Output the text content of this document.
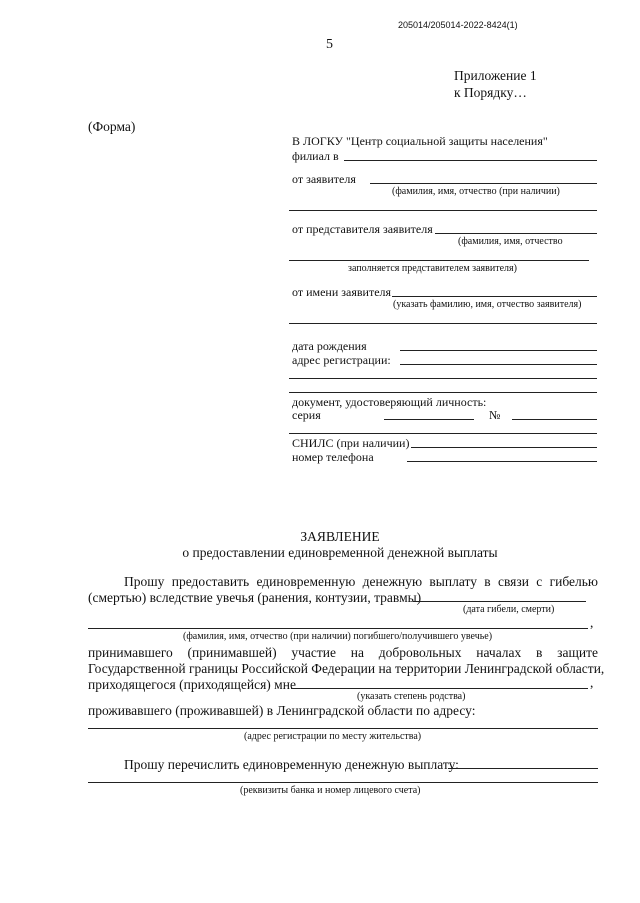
205014/205014-2022-8424(1)
5
Приложение 1
к Порядку…
(Форма)
В ЛОГКУ "Центр социальной защиты населения"
филиал в
от заявителя
(фамилия, имя, отчество (при наличии)
от представителя заявителя
(фамилия, имя, отчество
заполняется представителем заявителя)
от имени заявителя
(указать фамилию, имя, отчество заявителя)
дата рождения
адрес регистрации:
документ, удостоверяющий личность:
серия	№
СНИЛС (при наличии)
номер телефона
ЗАЯВЛЕНИЕ
о предоставлении единовременной денежной выплаты
Прошу предоставить единовременную денежную выплату в связи с гибелью
(смертью) вследствие увечья (ранения, контузии, травмы)
(дата гибели, смерти)
,
(фамилия, имя, отчество (при наличии) погибшего/получившего увечье)
принимавшего (принимавшей) участие на добровольных началах в защите
Государственной границы Российской Федерации на территории Ленинградской области,
приходящегося (приходящейся) мне	,
(указать степень родства)
проживавшего (проживавшей) в Ленинградской области по адресу:
(адрес регистрации по месту жительства)
Прошу перечислить единовременную денежную выплату:
(реквизиты банка и номер лицевого счета)
